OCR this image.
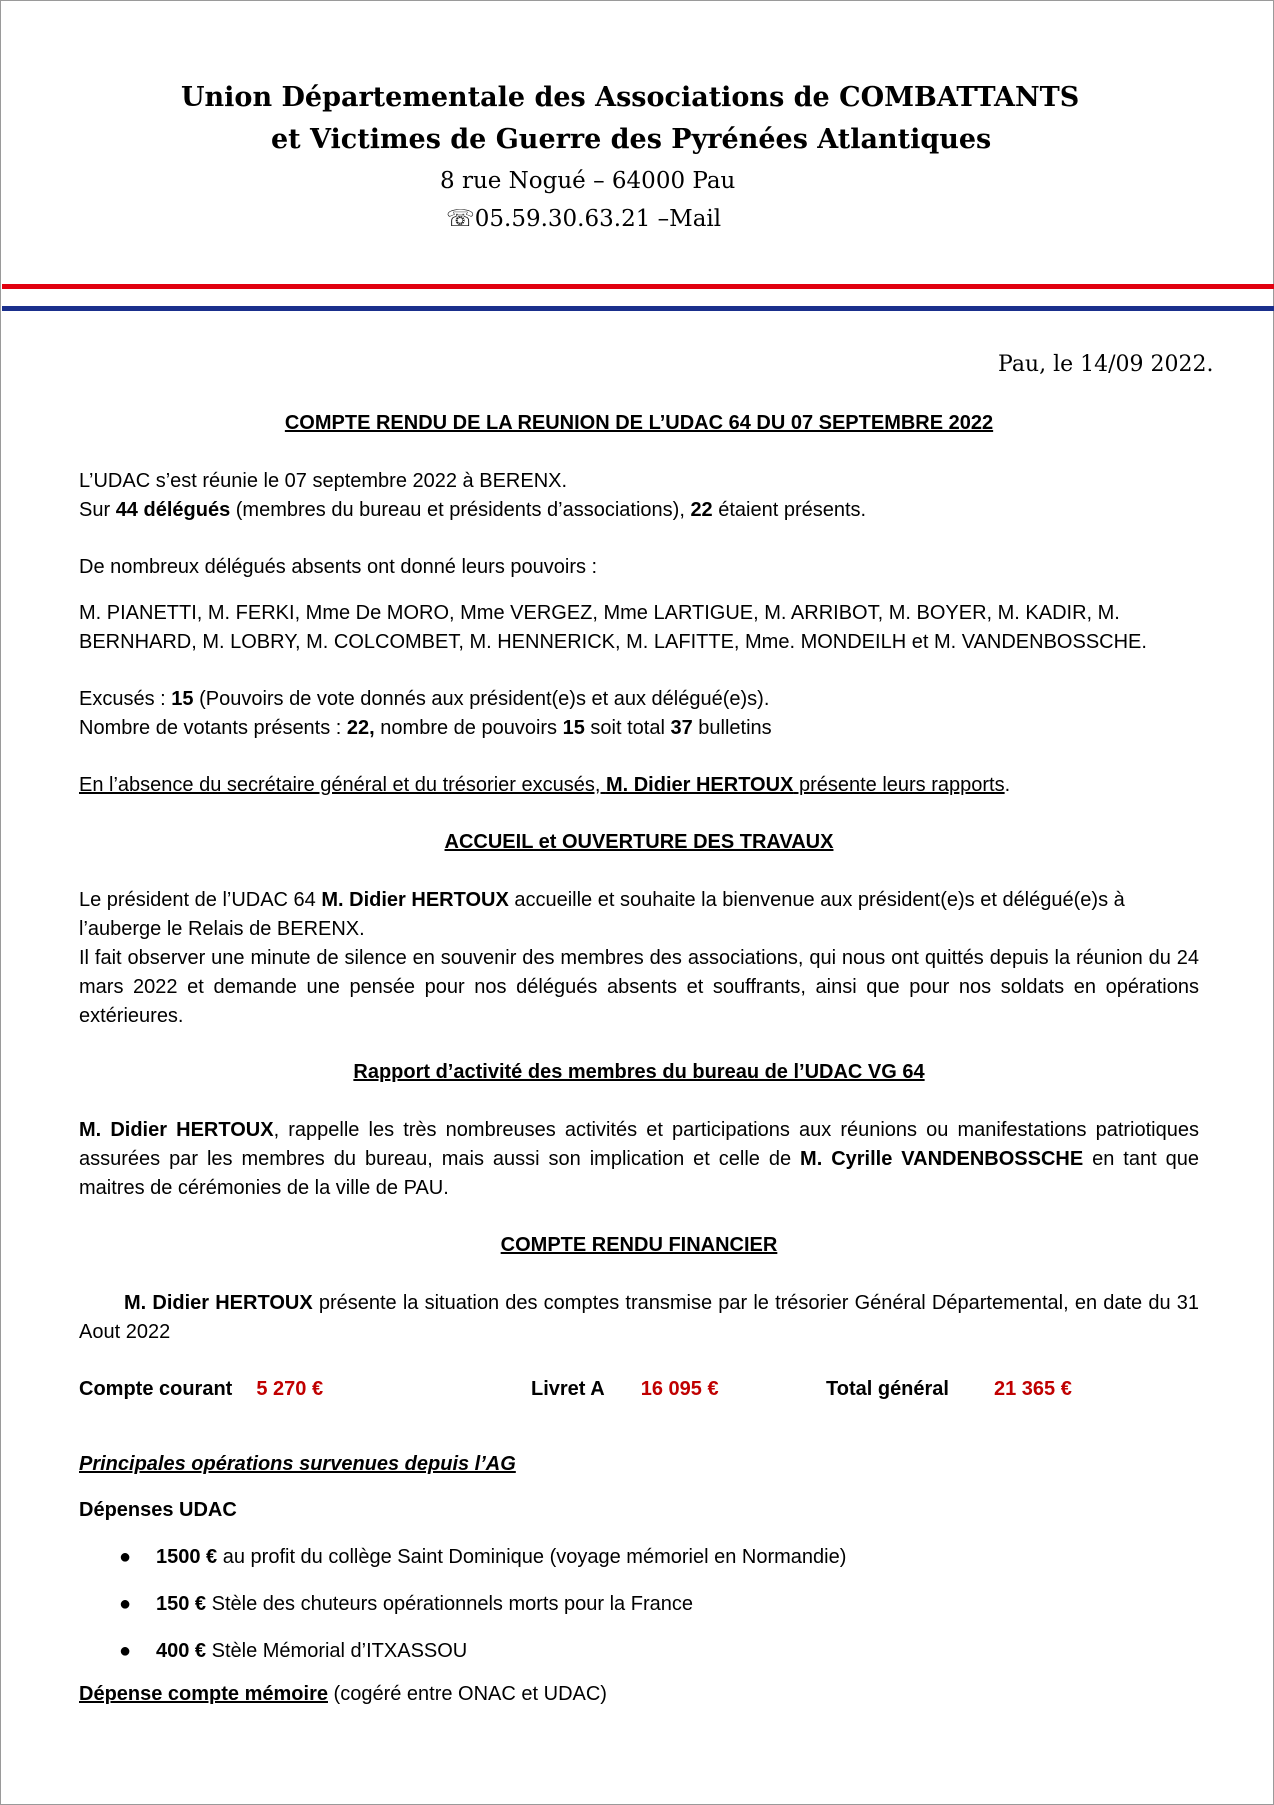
Union Départementale des Associations de COMBATTANTS
et Victimes de Guerre des Pyrénées Atlantiques
8 rue Nogué – 64000 Pau
☏05.59.30.63.21 –Mail
Pau, le 14/09 2022.
COMPTE RENDU DE LA REUNION DE L’UDAC 64 DU 07 SEPTEMBRE 2022
L’UDAC s’est réunie le 07 septembre 2022 à BERENX.
Sur 44 délégués (membres du bureau et présidents d’associations), 22 étaient présents.
De nombreux délégués absents ont donné leurs pouvoirs :
M. PIANETTI, M. FERKI, Mme De MORO, Mme VERGEZ, Mme LARTIGUE, M. ARRIBOT, M. BOYER, M. KADIR, M.
BERNHARD, M. LOBRY, M. COLCOMBET, M. HENNERICK, M. LAFITTE, Mme. MONDEILH et M. VANDENBOSSCHE.
Excusés : 15 (Pouvoirs de vote donnés aux président(e)s et aux délégué(e)s).
Nombre de votants présents : 22, nombre de pouvoirs 15 soit total 37 bulletins
En l’absence du secrétaire général et du trésorier excusés, M. Didier HERTOUX présente leurs rapports.
ACCUEIL et OUVERTURE DES TRAVAUX
Le président de l’UDAC 64 M. Didier HERTOUX accueille et souhaite la bienvenue aux président(e)s et délégué(e)s à
l’auberge le Relais de BERENX.
Il fait observer une minute de silence en souvenir des membres des associations, qui nous ont quittés depuis la réunion du 24 mars 2022 et demande une pensée pour nos délégués absents et souffrants, ainsi que pour nos soldats en opérations extérieures.
Rapport d’activité des membres du bureau de l’UDAC VG 64
M. Didier HERTOUX, rappelle les très nombreuses activités et participations aux réunions ou manifestations patriotiques assurées par les membres du bureau, mais aussi son implication et celle de M. Cyrille VANDENBOSSCHE en tant que maitres de cérémonies de la ville de PAU.
COMPTE RENDU FINANCIER
M. Didier HERTOUX présente la situation des comptes transmise par le trésorier Général Départemental, en date du 31 Aout 2022
Compte courant 5 270 €	Livret A 16 095 €	Total général 21 365 €
Principales opérations survenues depuis l’AG
Dépenses UDAC
● 1500 € au profit du collège Saint Dominique (voyage mémoriel en Normandie)
● 150 € Stèle des chuteurs opérationnels morts pour la France
● 400 € Stèle Mémorial d’ITXASSOU
Dépense compte mémoire (cogéré entre ONAC et UDAC)
